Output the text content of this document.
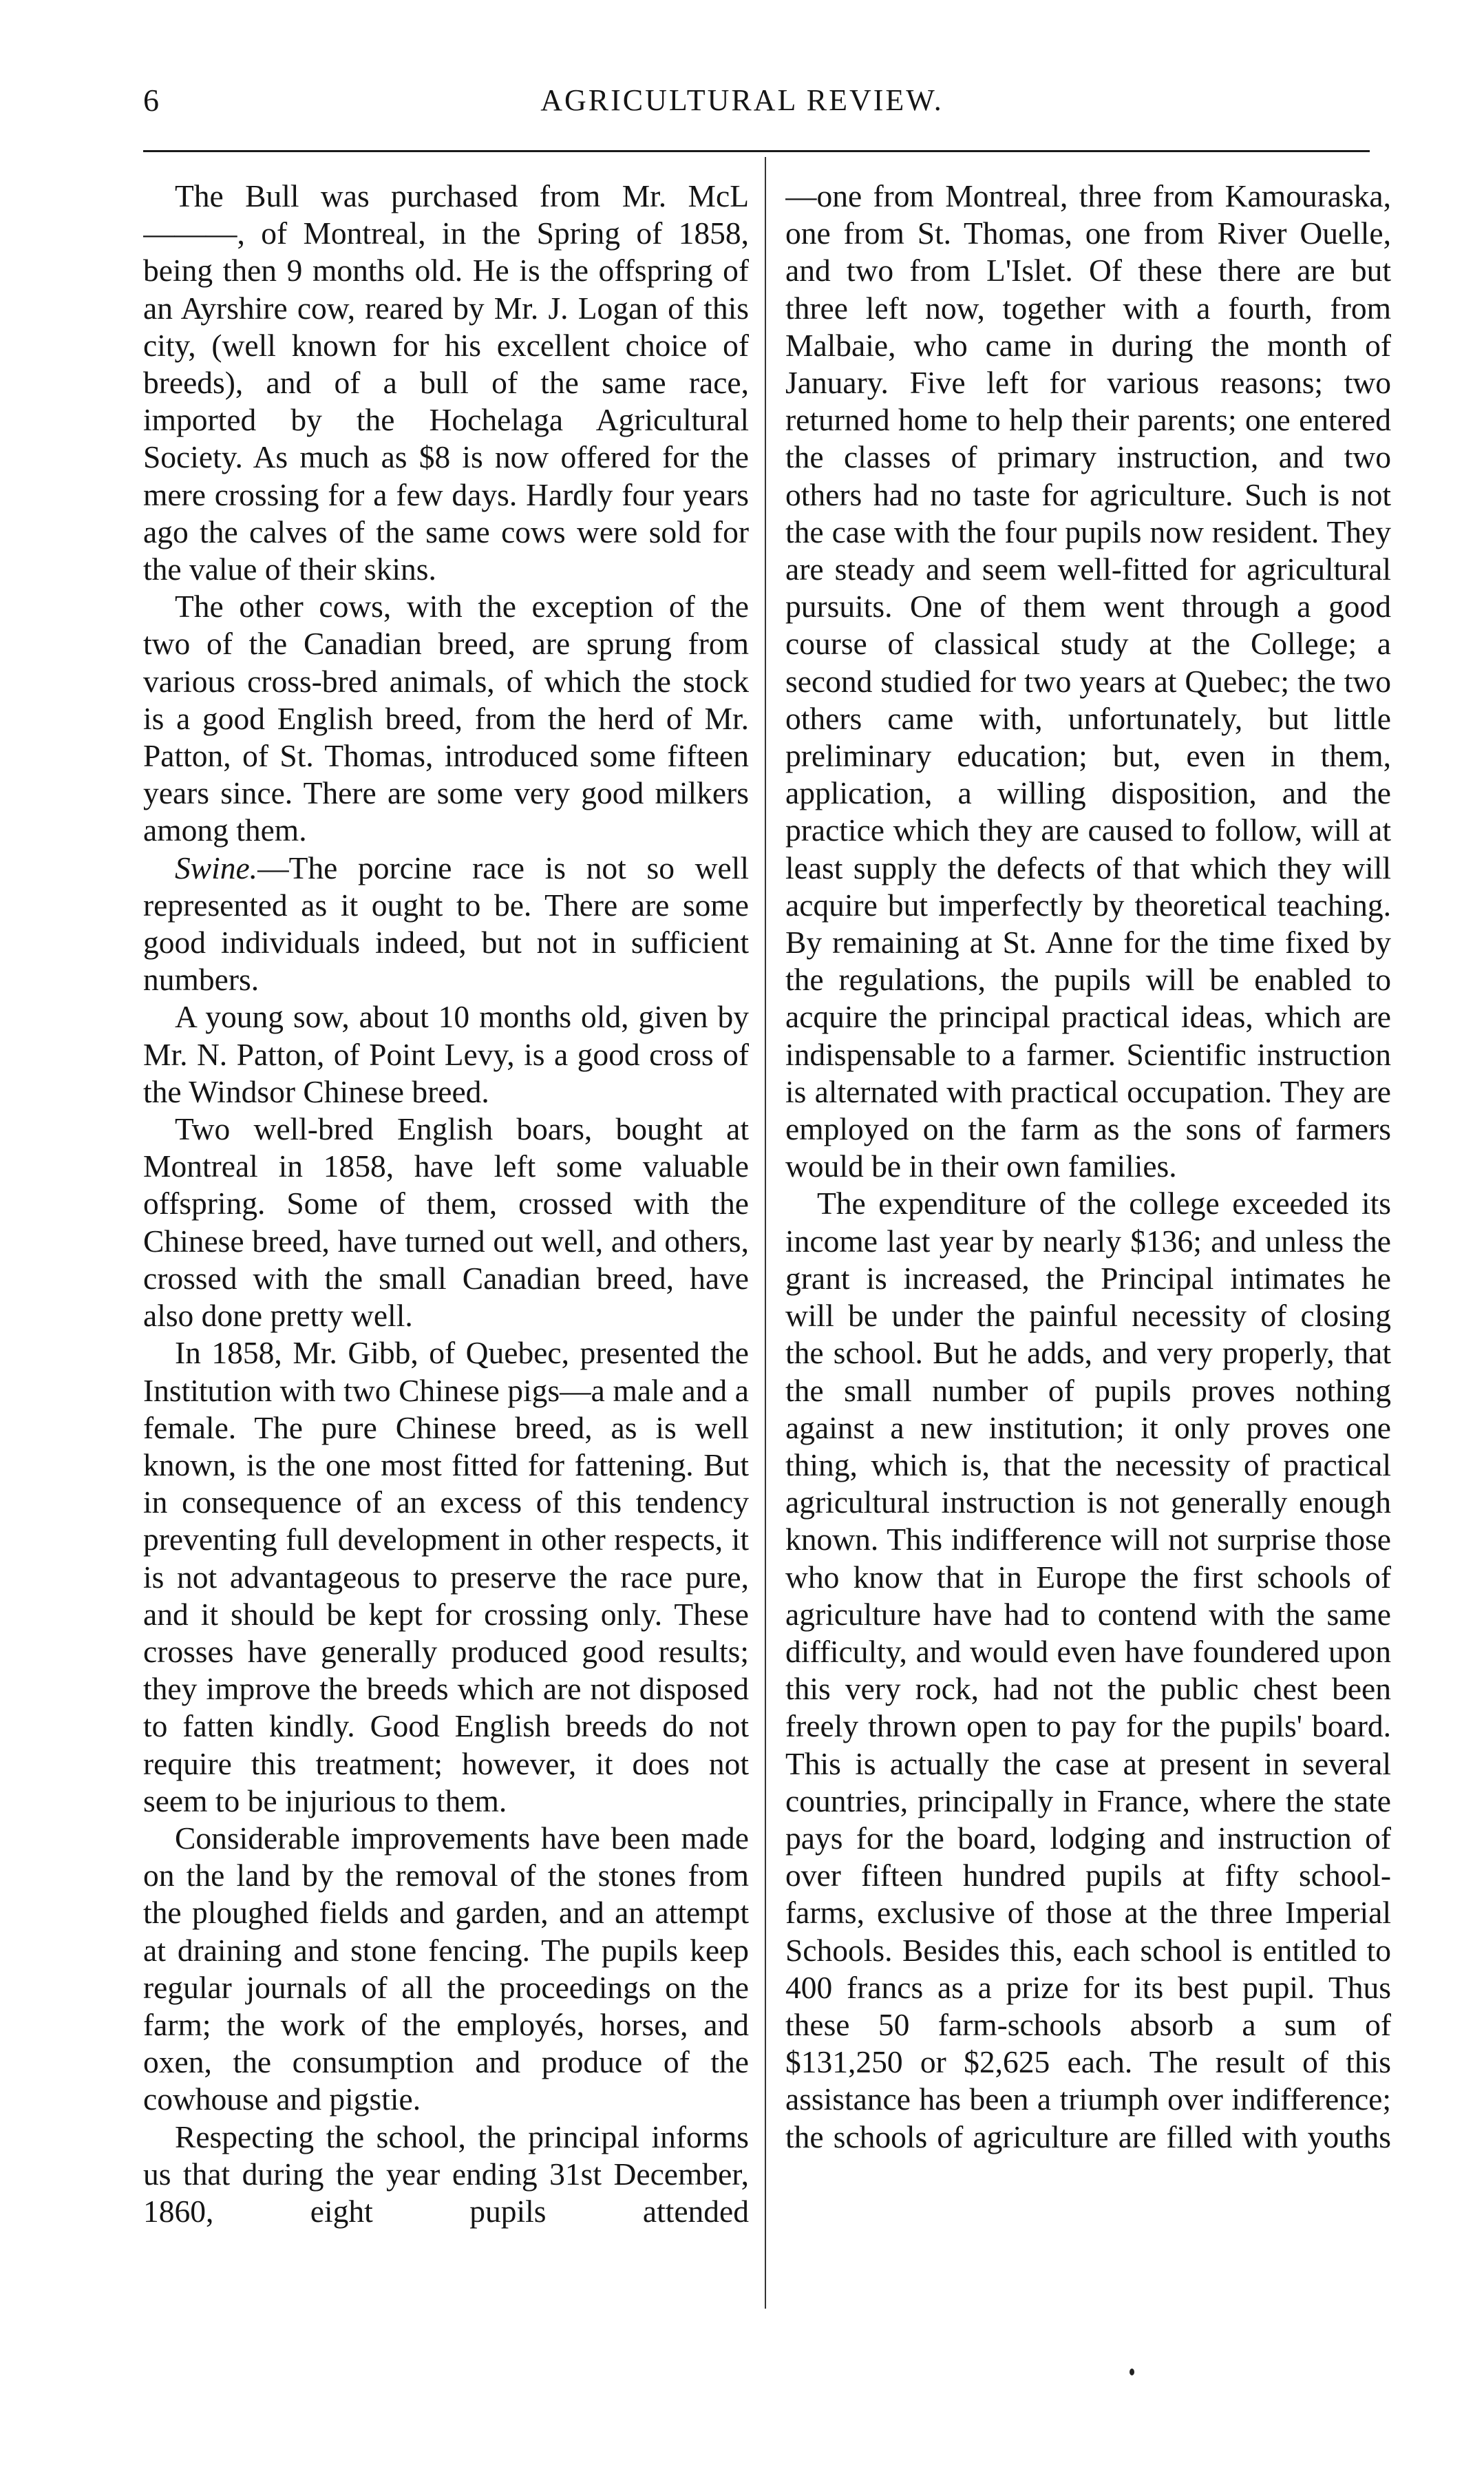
6	AGRICULTURAL REVIEW.

The Bull was purchased from Mr. McL———, of Montreal, in the Spring of 1858, being then 9 months old. He is the offspring of an Ayrshire cow, reared by Mr. J. Logan of this city, (well known for his excellent choice of breeds), and of a bull of the same race, imported by the Hochelaga Agricultural Society. As much as $8 is now offered for the mere crossing for a few days. Hardly four years ago the calves of the same cows were sold for the value of their skins.

The other cows, with the exception of the two of the Canadian breed, are sprung from various cross-bred animals, of which the stock is a good English breed, from the herd of Mr. Patton, of St. Thomas, introduced some fifteen years since. There are some very good milkers among them.

Swine.—The porcine race is not so well represented as it ought to be. There are some good individuals indeed, but not in sufficient numbers.

A young sow, about 10 months old, given by Mr. N. Patton, of Point Levy, is a good cross of the Windsor Chinese breed.

Two well-bred English boars, bought at Montreal in 1858, have left some valuable offspring. Some of them, crossed with the Chinese breed, have turned out well, and others, crossed with the small Canadian breed, have also done pretty well.

In 1858, Mr. Gibb, of Quebec, presented the Institution with two Chinese pigs—a male and a female. The pure Chinese breed, as is well known, is the one most fitted for fattening. But in consequence of an excess of this tendency preventing full development in other respects, it is not advantageous to preserve the race pure, and it should be kept for crossing only. These crosses have generally produced good results; they improve the breeds which are not disposed to fatten kindly. Good English breeds do not require this treatment; however, it does not seem to be injurious to them.

Considerable improvements have been made on the land by the removal of the stones from the ploughed fields and garden, and an attempt at draining and stone fencing. The pupils keep regular journals of all the proceedings on the farm; the work of the employés, horses, and oxen, the consumption and produce of the cowhouse and pigstie.

Respecting the school, the principal informs us that during the year ending 31st December, 1860, eight pupils attended

—one from Montreal, three from Kamouraska, one from St. Thomas, one from River Ouelle, and two from L'Islet. Of these there are but three left now, together with a fourth, from Malbaie, who came in during the month of January. Five left for various reasons; two returned home to help their parents; one entered the classes of primary instruction, and two others had no taste for agriculture. Such is not the case with the four pupils now resident. They are steady and seem well-fitted for agricultural pursuits. One of them went through a good course of classical study at the College; a second studied for two years at Quebec; the two others came with, unfortunately, but little preliminary education; but, even in them, application, a willing disposition, and the practice which they are caused to follow, will at least supply the defects of that which they will acquire but imperfectly by theoretical teaching. By remaining at St. Anne for the time fixed by the regulations, the pupils will be enabled to acquire the principal practical ideas, which are indispensable to a farmer. Scientific instruction is alternated with practical occupation. They are employed on the farm as the sons of farmers would be in their own families.

The expenditure of the college exceeded its income last year by nearly $136; and unless the grant is increased, the Principal intimates he will be under the painful necessity of closing the school. But he adds, and very properly, that the small number of pupils proves nothing against a new institution; it only proves one thing, which is, that the necessity of practical agricultural instruction is not generally enough known. This indifference will not surprise those who know that in Europe the first schools of agriculture have had to contend with the same difficulty, and would even have foundered upon this very rock, had not the public chest been freely thrown open to pay for the pupils' board. This is actually the case at present in several countries, principally in France, where the state pays for the board, lodging and instruction of over fifteen hundred pupils at fifty school-farms, exclusive of those at the three Imperial Schools. Besides this, each school is entitled to 400 francs as a prize for its best pupil. Thus these 50 farm-schools absorb a sum of $131,250 or $2,625 each. The result of this assistance has been a triumph over indifference; the schools of agriculture are filled with youths
